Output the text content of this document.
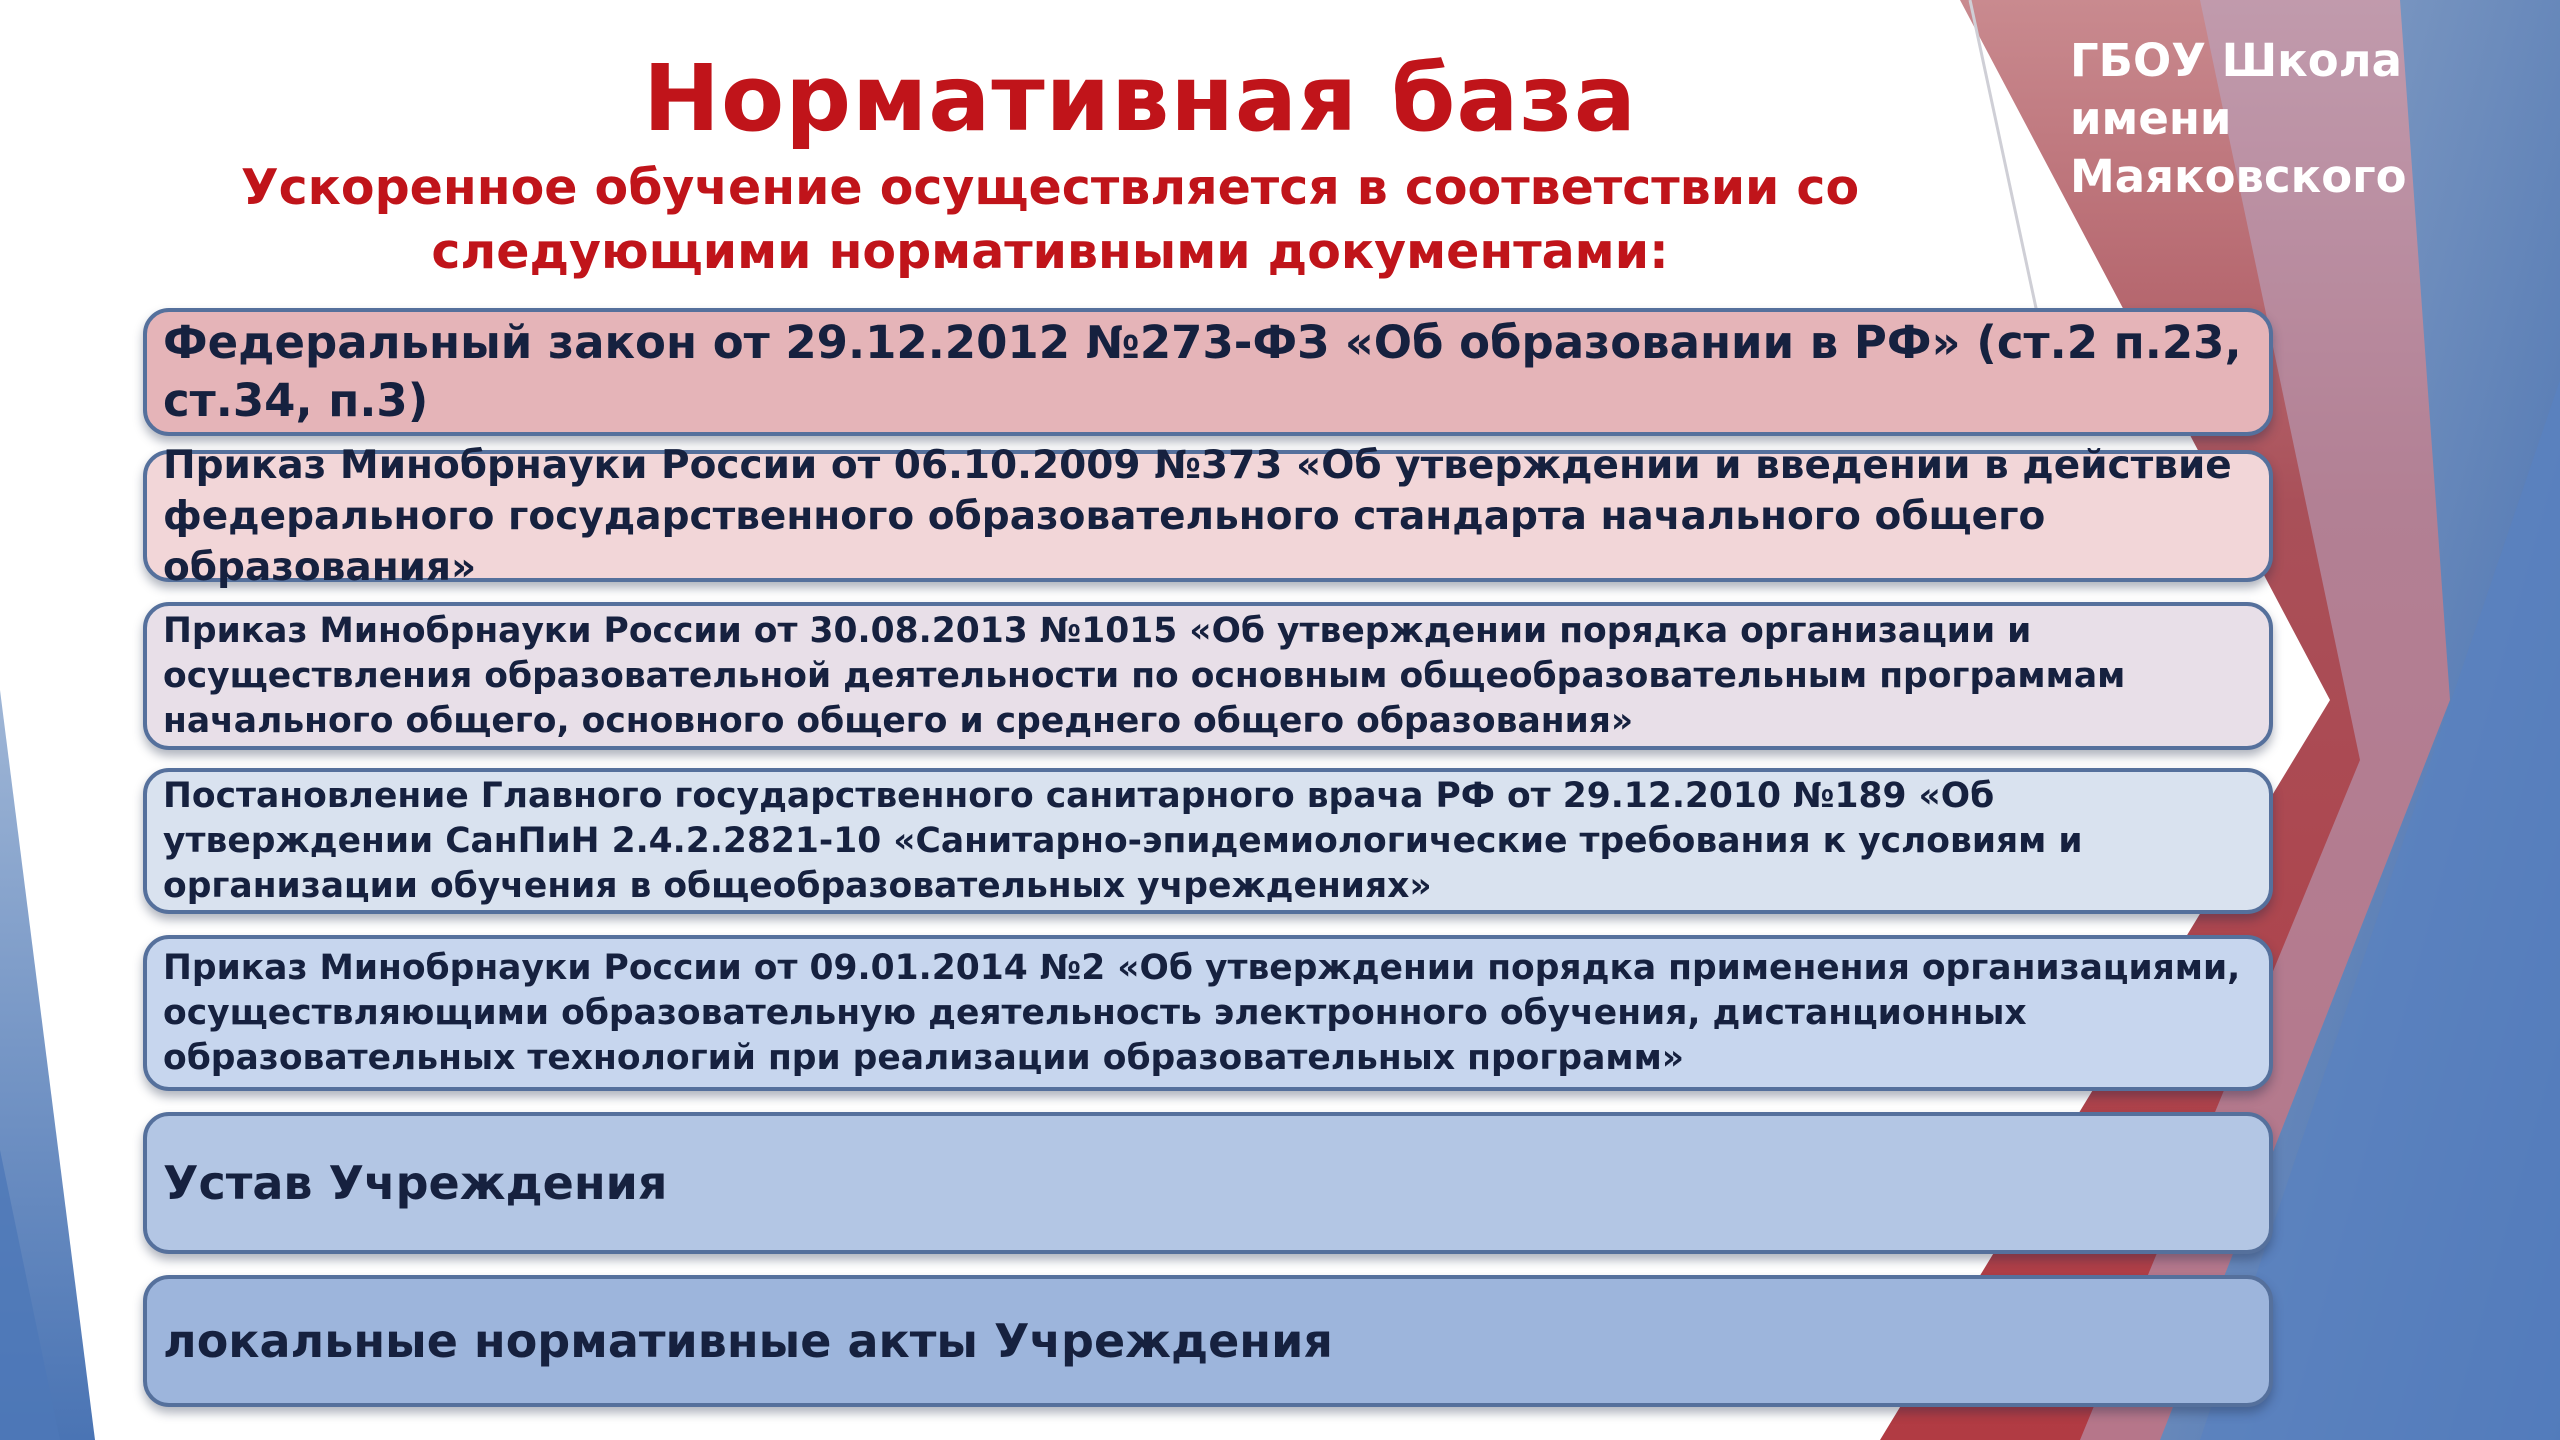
Нормативная база
Ускоренное обучение осуществляется в соответствии со следующими нормативными документами:
ГБОУ Школа имени Маяковского
Федеральный закон от 29.12.2012 №273-ФЗ «Об образовании в РФ» (ст.2 п.23, ст.34, п.3)
Приказ Минобрнауки России от 06.10.2009 №373 «Об утверждении и введении в действие федерального государственного образовательного стандарта начального общего образования»
Приказ Минобрнауки России от 30.08.2013 №1015 «Об утверждении порядка организации и осуществления образовательной деятельности по основным общеобразовательным программам начального общего, основного общего и среднего общего образования»
Постановление Главного государственного санитарного врача РФ от 29.12.2010 №189 «Об утверждении СанПиН 2.4.2.2821-10 «Санитарно-эпидемиологические требования к условиям и организации обучения в общеобразовательных учреждениях»
Приказ Минобрнауки России от 09.01.2014 №2 «Об утверждении порядка применения организациями, осуществляющими образовательную деятельность электронного обучения, дистанционных образовательных технологий при реализации образовательных программ»
Устав Учреждения
локальные нормативные акты Учреждения
